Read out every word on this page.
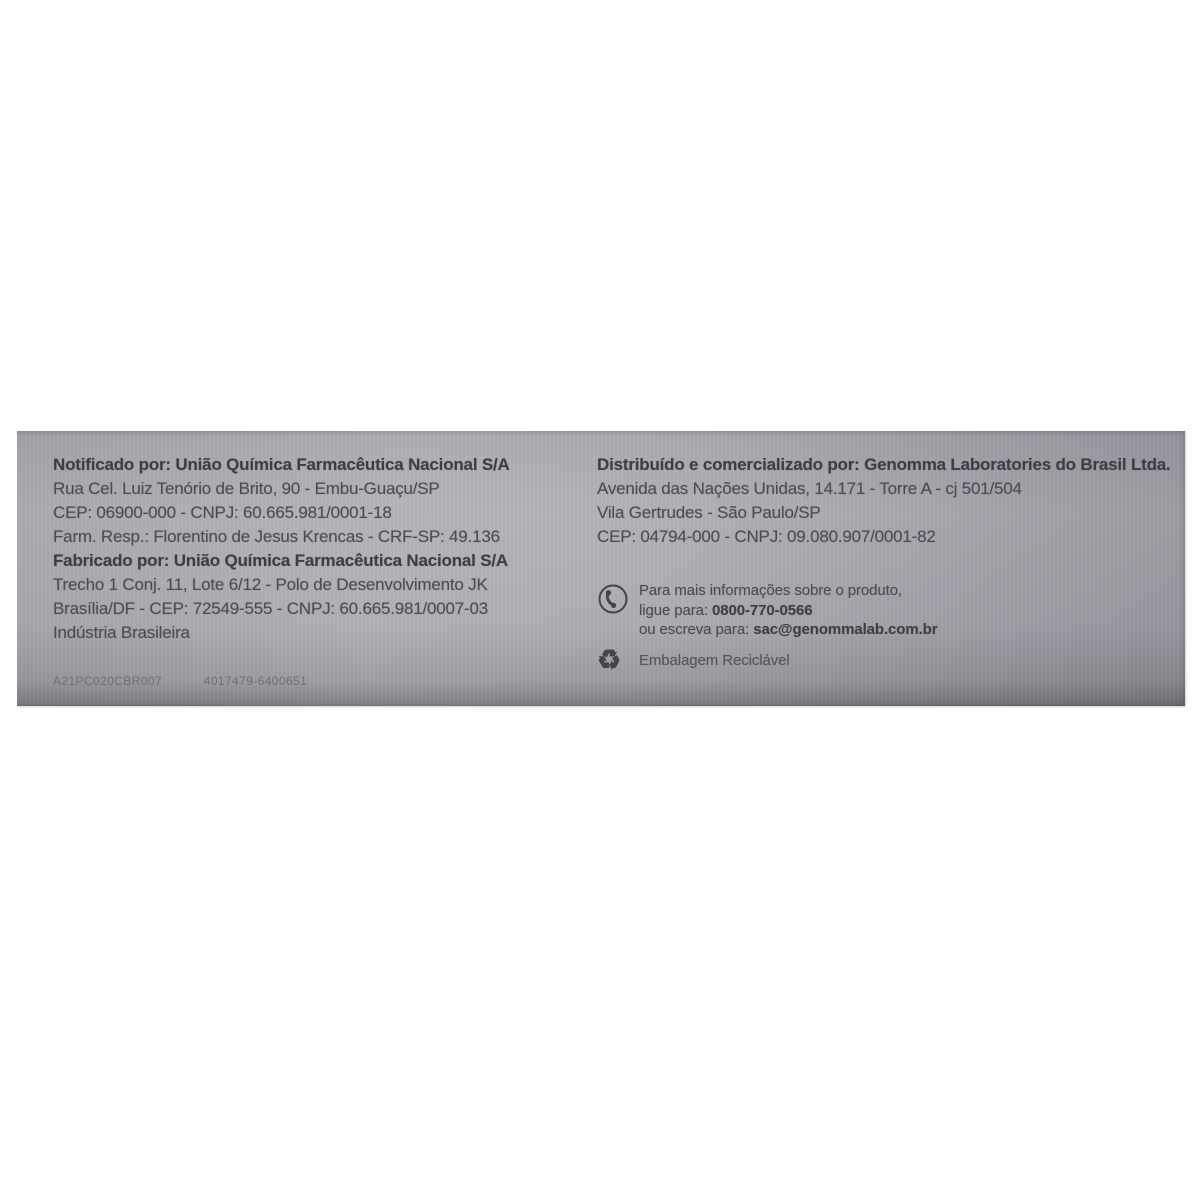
Notificado por: União Química Farmacêutica Nacional S/A
Rua Cel. Luiz Tenório de Brito, 90 - Embu-Guaçu/SP
CEP: 06900-000 - CNPJ: 60.665.981/0001-18
Farm. Resp.: Florentino de Jesus Krencas - CRF-SP: 49.136
Fabricado por: União Química Farmacêutica Nacional S/A
Trecho 1 Conj. 11, Lote 6/12 - Polo de Desenvolvimento JK
Brasília/DF - CEP: 72549-555 - CNPJ: 60.665.981/0007-03
Indústria Brasileira
Distribuído e comercializado por: Genomma Laboratories do Brasil Ltda.
Avenida das Nações Unidas, 14.171 - Torre A - cj 501/504
Vila Gertrudes - São Paulo/SP
CEP: 04794-000 - CNPJ: 09.080.907/0001-82
Para mais informações sobre o produto,
ligue para: 0800-770-0566
ou escreva para: sac@genommalab.com.br
♻	Embalagem Reciclável
A21PC020CBR007	4017479-6400651
